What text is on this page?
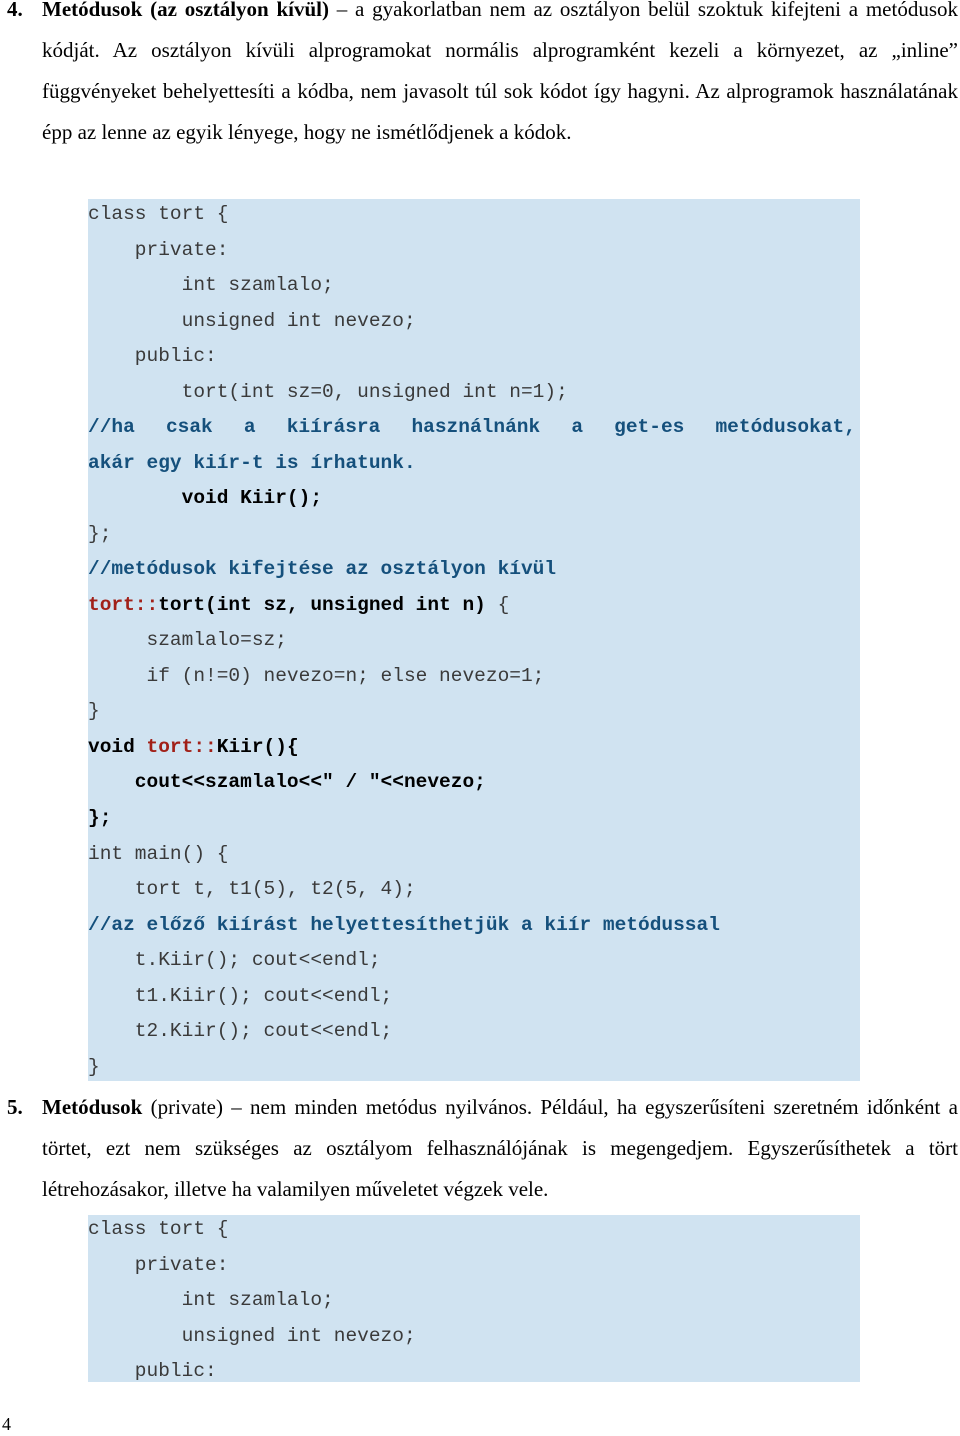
4. Metódusok (az osztályon kívül) – a gyakorlatban nem az osztályon belül szoktuk kifejteni a metódusok kódját. Az osztályon kívüli alprogramokat normális alprogramként kezeli a környezet, az „inline” függvényeket behelyettesíti a kódba, nem javasolt túl sok kódot így hagyni. Az alprogramok használatának épp az lenne az egyik lényege, hogy ne ismétlődjenek a kódok.
class tort {
private:
int szamlalo;
unsigned int nevezo;
public:
tort(int sz=0, unsigned int n=1);
//ha csak a kiírásra használnánk a get-es metódusokat,
akár egy kiír-t is írhatunk.
void Kiir();
};
//metódusok kifejtése az osztályon kívül
tort::tort(int sz, unsigned int n) {
szamlalo=sz;
if (n!=0) nevezo=n; else nevezo=1;
}
void tort::Kiir(){
cout<<szamlalo<<" / "<<nevezo;
};
int main() {
tort t, t1(5), t2(5, 4);
//az előző kiírást helyettesíthetjük a kiír metódussal
t.Kiir(); cout<<endl;
t1.Kiir(); cout<<endl;
t2.Kiir(); cout<<endl;
}
5. Metódusok (private) – nem minden metódus nyilvános. Például, ha egyszerűsíteni szeretném időnként a törtet, ezt nem szükséges az osztályom felhasználójának is megengedjem. Egyszerűsíthetek a tört létrehozásakor, illetve ha valamilyen műveletet végzek vele.
class tort {
private:
int szamlalo;
unsigned int nevezo;
public:
4
